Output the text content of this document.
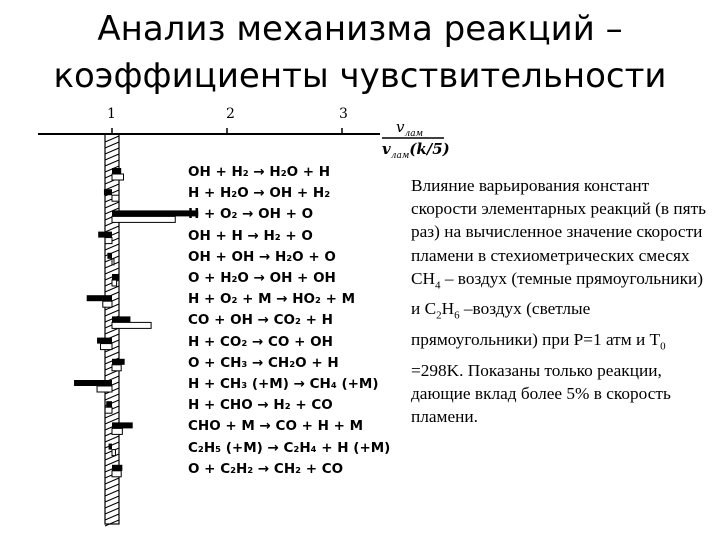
Анализ механизма реакций – коэффициенты чувствительности
1	2	3
$v_{лам}$
$v_{лам}(k/5)$
OH + H₂ → H₂O + H
H + H₂O → OH + H₂
H + O₂ → OH + O
OH + H → H₂ + O
OH + OH → H₂O + O
O + H₂O → OH + OH
H + O₂ + M → HO₂ + M
CO + OH → CO₂ + H
H + CO₂ → CO + OH
O + CH₃ → CH₂O + H
H + CH₃ (+M) → CH₄ (+M)
H + CHO → H₂ + CO
CHO + M → CO + H + M
C₂H₅ (+M) → C₂H₄ + H (+M)
O + C₂H₂ → CH₂ + CO
Влияние варьирования констант скорости элементарных реакций (в пять раз) на вычисленное значение скорости пламени в стехиометрических смесях $CH_4$ – воздух (темные прямоугольники) и $C_2H_6$ –воздух (светлые прямоугольники) при P=1 атм и $T_0 =298K$. Показаны только реакции, дающие вклад более 5% в скорость пламени.
